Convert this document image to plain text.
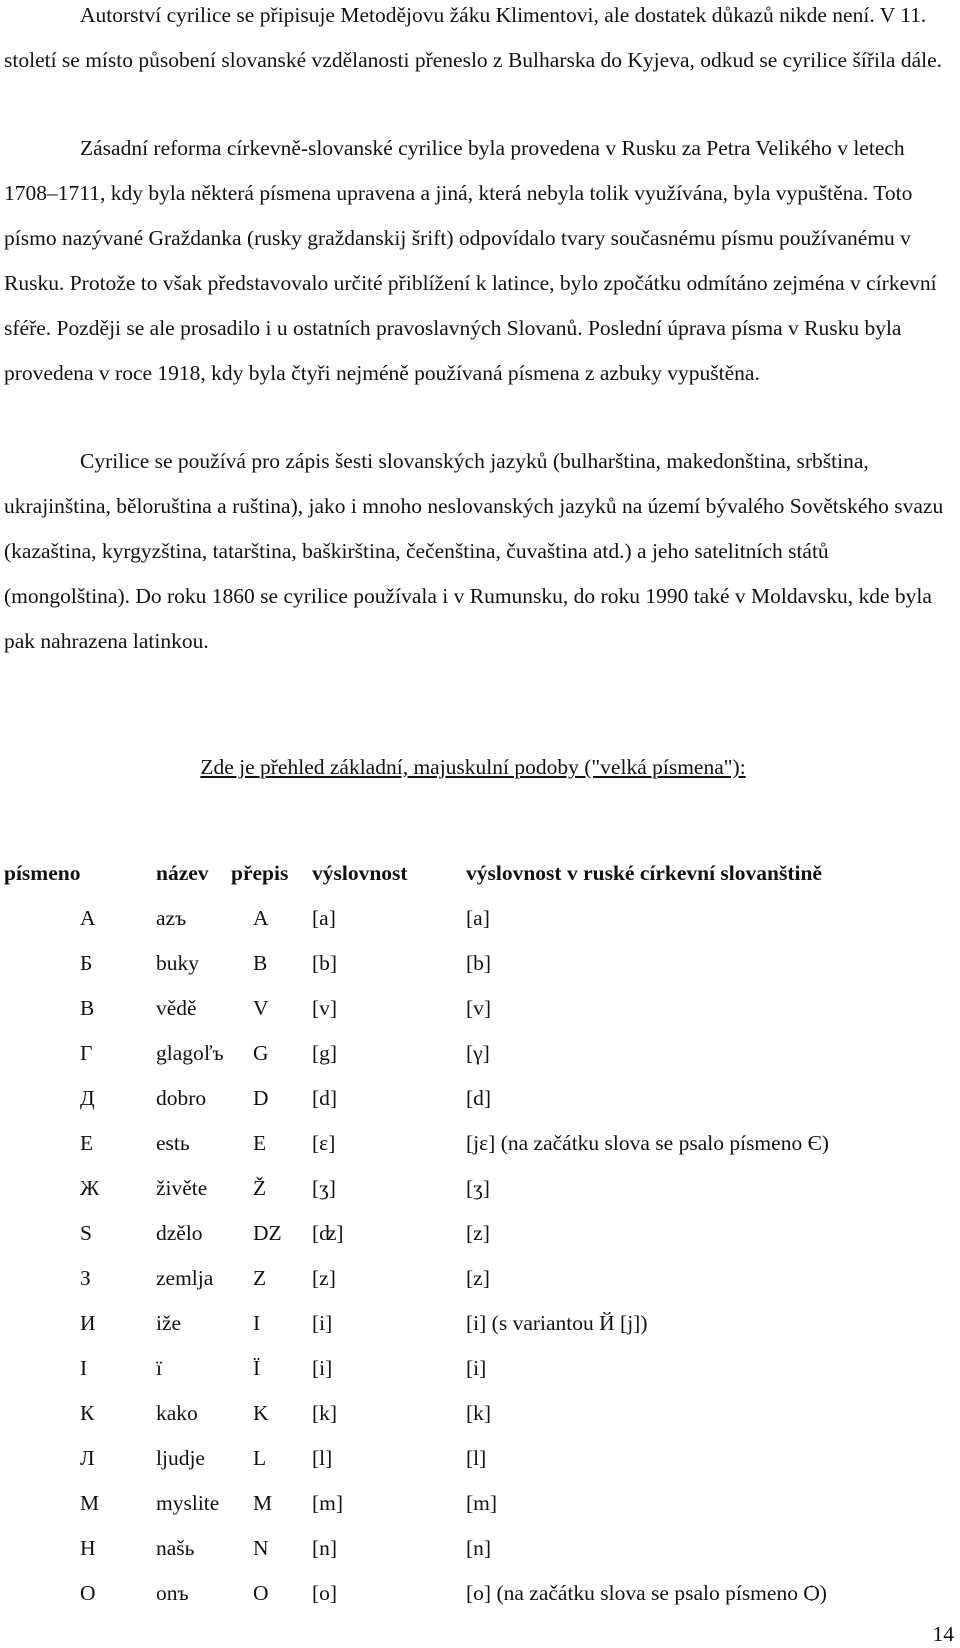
Autorství cyrilice se připisuje Metodějovu žáku Klimentovi, ale dostatek důkazů nikde není. V 11. století se místo působení slovanské vzdělanosti přeneslo z Bulharska do Kyjeva, odkud se cyrilice šířila dále.

Zásadní reforma církevně-slovanské cyrilice byla provedena v Rusku za Petra Velikého v letech 1708–1711, kdy byla některá písmena upravena a jiná, která nebyla tolik využívána, byla vypuštěna. Toto písmo nazývané Graždanka (rusky graždanskij šrift) odpovídalo tvary současnému písmu používanému v Rusku. Protože to však představovalo určité přiblížení k latince, bylo zpočátku odmítáno zejména v církevní sféře. Později se ale prosadilo i u ostatních pravoslavných Slovanů. Poslední úprava písma v Rusku byla provedena v roce 1918, kdy byla čtyři nejméně používaná písmena z azbuky vypuštěna.

Cyrilice se používá pro zápis šesti slovanských jazyků (bulharština, makedonština, srbština, ukrajinština, běloruština a ruština), jako i mnoho neslovanských jazyků na území bývalého Sovětského svazu (kazaština, kyrgyzština, tatarština, baškirština, čečenština, čuvaština atd.) a jeho satelitních států (mongolština). Do roku 1860 se cyrilice používala i v Rumunsku, do roku 1990 také v Moldavsku, kde byla pak nahrazena latinkou.

Zde je přehled základní, majuskulní podoby ("velká písmena"):

písmeno	název přepis výslovnost	výslovnost v ruské církevní slovanštině
А	azъ	A [a]	[a]
Б	buky	B [b]	[b]
В	vědě	V [v]	[v]
Г	glagoľъ G [g]	[γ]
Д	dobro D [d]	[d]
Е	estь	E [ɛ]	[jɛ] (na začátku slova se psalo písmeno Є)
Ж	živěte Ž [ʒ]	[ʒ]
S	dzělo DZ [ʣ]	[z]
З	zemlja Z [z]	[z]
И	iže	I [i]	[i] (s variantou Й [j])
І	ї	Ï [i]	[i]
К	kako	K [k]	[k]
Л	ljudje L [l]	[l]
М	myslite M [m]	[m]
Н	našь	N [n]	[n]
О	onъ	O [o]	[o] (na začátku slova se psalo písmeno Ѻ)
14
